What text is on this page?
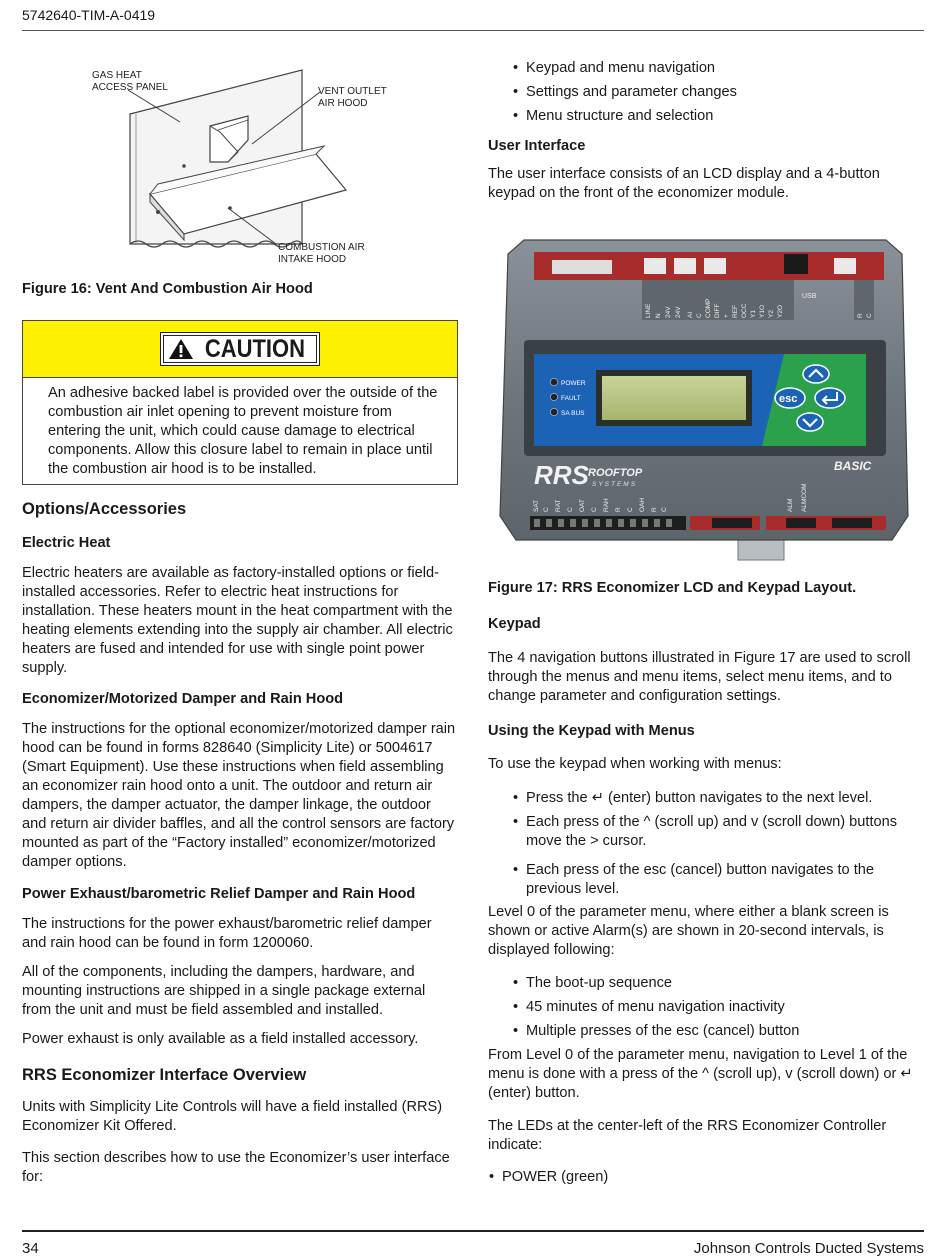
5742640-TIM-A-0419
34	Johnson Controls Ducted Systems
GAS HEAT
ACCESS PANEL	VENT OUTLET
AIR HOOD
COMBUSTION AIR
INTAKE HOOD
Figure 16: Vent And Combustion Air Hood
CAUTION
An adhesive backed label is provided over the outside of the combustion air inlet opening to prevent moisture from entering the unit, which could cause damage to electrical components. Allow this closure label to remain in place until the combustion air hood is to be installed.
Options/Accessories
Electric Heat

Electric heaters are available as factory-installed options or field-installed accessories. Refer to electric heat instructions for installation. These heaters mount in the heat compartment with the heating elements extending into the supply air chamber. All electric heaters are fused and intended for use with single point power supply.

Economizer/Motorized Damper and Rain Hood

The instructions for the optional economizer/motorized damper rain hood can be found in forms 828640 (Simplicity Lite) or 5004617 (Smart Equipment). Use these instructions when field assembling an economizer rain hood onto a unit. The outdoor and return air dampers, the damper actuator, the damper linkage, the outdoor and return air divider baffles, and all the control sensors are factory mounted as part of the “Factory installed” economizer/motorized damper options.

Power Exhaust/barometric Relief Damper and Rain Hood

The instructions for the power exhaust/barometric relief damper and rain hood can be found in form 1200060.

All of the components, including the dampers, hardware, and mounting instructions are shipped in a single package external from the unit and must be field assembled and installed.

Power exhaust is only available as a field installed accessory.

RRS Economizer Interface Overview

Units with Simplicity Lite Controls will have a field installed (RRS) Economizer Kit Offered.

This section describes how to use the Economizer’s user interface for:

• Keypad and menu navigation
• Settings and parameter changes
• Menu structure and selection
User Interface

The user interface consists of an LCD display and a 4-button keypad on the front of the economizer module.

USB
LINE N 24V 24V AI C COMP DIFF + REF OCC Y1 Y1O Y2 Y2O	R C
POWER
FAULT
SA BUS
esc
RRS ROOFTOP
SYSTEMS
BASIC
SAT C RAT C OAT C RAH R C OAH R C	ALM ALMCOM
Figure 17: RRS Economizer LCD and Keypad Layout.
Keypad

The 4 navigation buttons illustrated in Figure 17 are used to scroll through the menus and menu items, select menu items, and to change parameter and configuration settings.

Using the Keypad with Menus

To use the keypad when working with menus:

• Press the ↵ (enter) button navigates to the next level.
• Each press of the ^ (scroll up) and v (scroll down) buttons move the > cursor.
• Each press of the esc (cancel) button navigates to the previous level.

Level 0 of the parameter menu, where either a blank screen is shown or active Alarm(s) are shown in 20-second intervals, is displayed following:

• The boot-up sequence
• 45 minutes of menu navigation inactivity
• Multiple presses of the esc (cancel) button

From Level 0 of the parameter menu, navigation to Level 1 of the menu is done with a press of the ^ (scroll up), v (scroll down) or ↵ (enter) button.

The LEDs at the center-left of the RRS Economizer Controller indicate:

• POWER (green)
